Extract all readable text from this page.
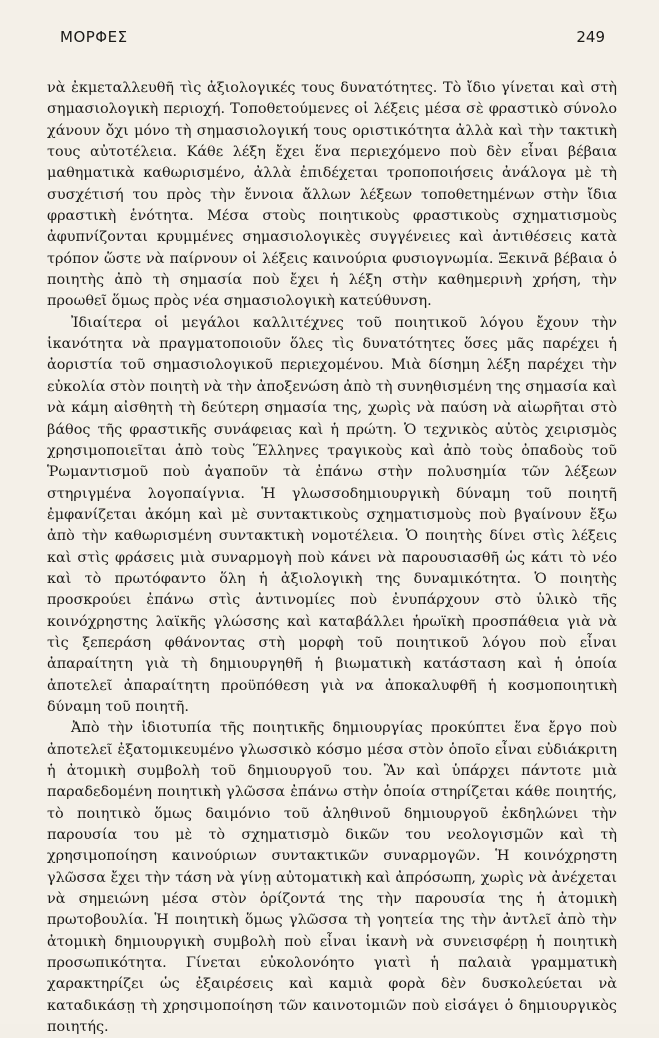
ΜΟΡΦΕΣ	249

νὰ ἐκμεταλλευθῆ τὶς ἀξιολογικές τους δυνατότητες. Τὸ ἴδιο γίνεται καὶ στὴ σημασιολογικὴ περιοχή. Τοποθετούμενες οἱ λέξεις μέσα σὲ φραστικὸ σύνολο χάνουν ὄχι μόνο τὴ σημασιολογική τους οριστικότητα ἀλλὰ καὶ τὴν τακτικὴ τους αὐτοτέλεια. Κάθε λέξη ἔχει ἕνα περιεχόμενο ποὺ δὲν εἶναι βέβαια μαθηματικὰ καθωρισμένο, ἀλλὰ ἐπιδέχεται τροποποιήσεις ἀνάλογα μὲ τὴ συσχέτισή του πρὸς τὴν ἔννοια ἄλλων λέξεων τοποθετημένων στὴν ἴδια φραστικὴ ἑνότητα. Μέσα στοὺς ποιητικοὺς φραστικοὺς σχηματισμοὺς ἀφυπνίζονται κρυμμένες σημασιολογικὲς συγγένειες καὶ ἀντιθέσεις κατὰ τρόπον ὥστε νὰ παίρνουν οἱ λέξεις καινούρια φυσιογνωμία. Ξεκινᾶ βέβαια ὁ ποιητὴς ἀπὸ τὴ σημασία ποὺ ἔχει ἡ λέξη στὴν καθημερινὴ χρήση, τὴν προωθεῖ ὅμως πρὸς νέα σημασιολογικὴ κατεύθυνση.

Ἰδιαίτερα οἱ μεγάλοι καλλιτέχνες τοῦ ποιητικοῦ λόγου ἔχουν τὴν ἱκανότητα νὰ πραγματοποιοῦν ὅλες τὶς δυνατότητες ὅσες μᾶς παρέχει ἡ ἀοριστία τοῦ σημασιολογικοῦ περιεχομένου. Μιὰ δίσημη λέξη παρέχει τὴν εὐκολία στὸν ποιητὴ νὰ τὴν ἀποξενώση ἀπὸ τὴ συνηθισμένη της σημασία καὶ νὰ κάμη αἰσθητὴ τὴ δεύτερη σημασία της, χωρὶς νὰ παύση νὰ αἰωρῆται στὸ βάθος τῆς φραστικῆς συνάφειας καὶ ἡ πρώτη. Ὁ τεχνικὸς αὐτὸς χειρισμὸς χρησιμοποιεῖται ἀπὸ τοὺς Ἕλληνες τραγικοὺς καὶ ἀπὸ τοὺς ὀπαδοὺς τοῦ Ῥωμαντισμοῦ ποὺ ἀγαποῦν τὰ ἐπάνω στὴν πολυσημία τῶν λέξεων στηριγμένα λογοπαίγνια. Ἡ γλωσσοδημιουργικὴ δύναμη τοῦ ποιητῆ ἐμφανίζεται ἀκόμη καὶ μὲ συντακτικοὺς σχηματισμοὺς ποὺ βγαίνουν ἔξω ἀπὸ τὴν καθωρισμένη συντακτικὴ νομοτέλεια. Ὁ ποιητὴς δίνει στὶς λέξεις καὶ στὶς φράσεις μιὰ συναρμογὴ ποὺ κάνει νὰ παρουσιασθῆ ὡς κάτι τὸ νέο καὶ τὸ πρωτόφαντο ὅλη ἡ ἀξιολογικὴ της δυναμικότητα. Ὁ ποιητὴς προσκρούει ἐπάνω στὶς ἀντινομίες ποὺ ἐνυπάρχουν στὸ ὑλικὸ τῆς κοινόχρηστης λαϊκῆς γλώσσης καὶ καταβάλλει ἡρωϊκὴ προσπάθεια γιὰ νὰ τὶς ξεπεράση φθάνοντας στὴ μορφὴ τοῦ ποιητικοῦ λόγου ποὺ εἶναι ἀπαραίτητη γιὰ τὴ δημιουργηθῆ ἡ βιωματικὴ κατάσταση καὶ ἡ ὁποία ἀποτελεῖ ἀπαραίτητη προϋπόθεση γιὰ να ἀποκαλυφθῆ ἡ κοσμοποιητικὴ δύναμη τοῦ ποιητῆ.

Ἀπὸ τὴν ἰδιοτυπία τῆς ποιητικῆς δημιουργίας προκύπτει ἕνα ἔργο ποὺ ἀποτελεῖ ἐξατομικευμένο γλωσσικὸ κόσμο μέσα στὸν ὁποῖο εἶναι εὐδιάκριτη ἡ ἀτομικὴ συμβολὴ τοῦ δημιουργοῦ του. Ἂν καὶ ὑπάρχει πάντοτε μιὰ παραδεδομένη ποιητικὴ γλῶσσα ἐπάνω στὴν ὁποία στηρίζεται κάθε ποιητής, τὸ ποιητικὸ ὅμως δαιμόνιο τοῦ ἀληθινοῦ δημιουργοῦ ἐκδηλώνει τὴν παρουσία του μὲ τὸ σχηματισμὸ δικῶν του νεολογισμῶν καὶ τὴ χρησιμοποίηση καινούριων συντακτικῶν συναρμογῶν. Ἡ κοινόχρηστη γλῶσσα ἔχει τὴν τάση νὰ γίνῃ αὐτοματικὴ καὶ ἀπρόσωπη, χωρὶς νὰ ἀνέχεται νὰ σημειώνη μέσα στὸν ὁρίζοντά της τὴν παρουσία της ἡ ἀτομικὴ πρωτοβουλία. Ἡ ποιητικὴ ὅμως γλῶσσα τὴ γοητεία της τὴν ἀντλεῖ ἀπὸ τὴν ἀτομικὴ δημιουργικὴ συμβολὴ ποὺ εἶναι ἱκανὴ νὰ συνεισφέρῃ ἡ ποιητικὴ προσωπικότητα. Γίνεται εὐκολονόητο γιατὶ ἡ παλαιὰ γραμματικὴ χαρακτηρίζει ὡς ἐξαιρέσεις καὶ καμιὰ φορὰ δὲν δυσκολεύεται νὰ καταδικάσῃ τὴ χρησιμοποίηση τῶν καινοτομιῶν ποὺ εἰσάγει ὁ δημιουργικὸς ποιητής.
